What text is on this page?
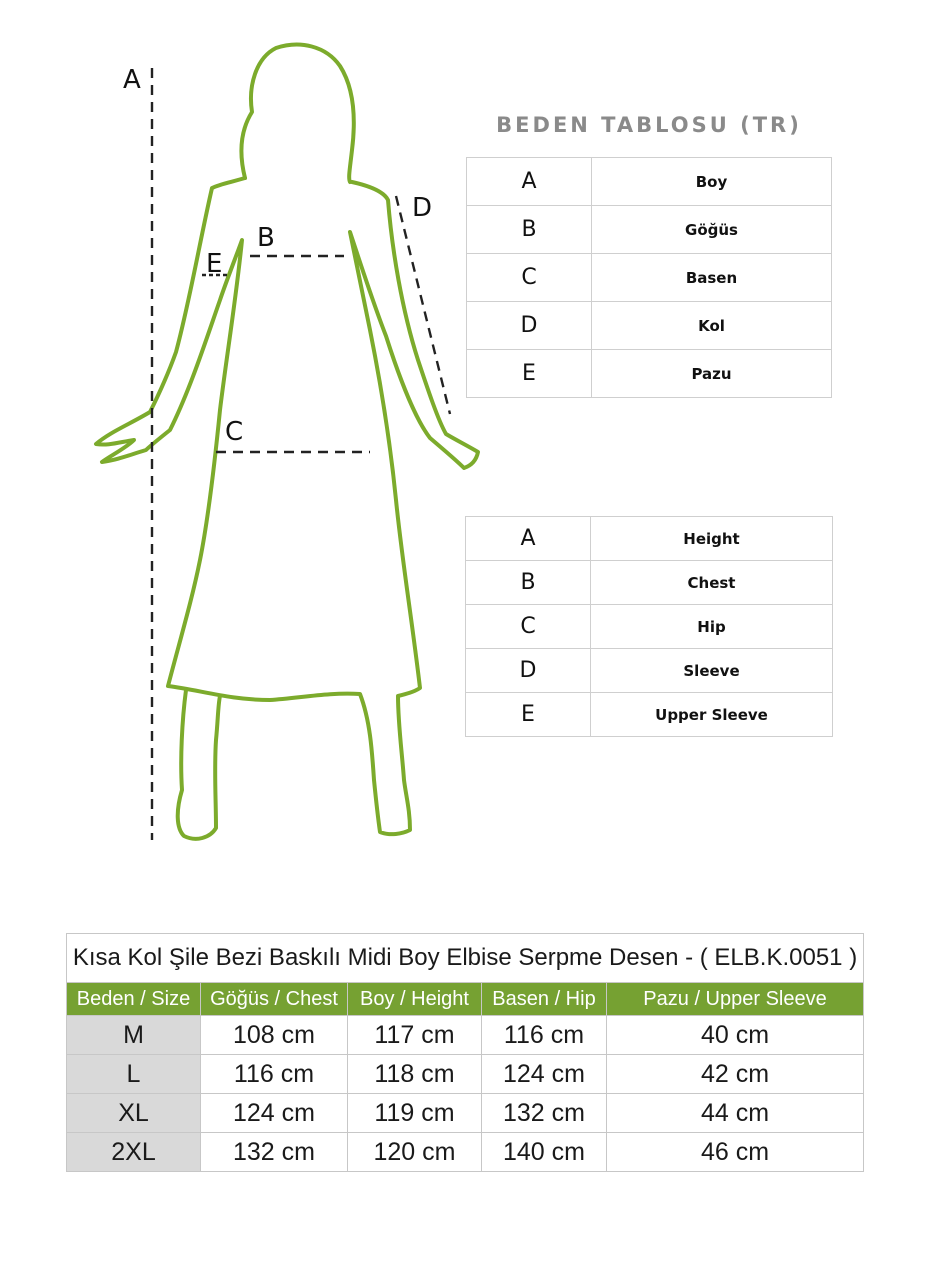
A
B
C
D
E
BEDEN TABLOSU (TR)
A	Boy
B	Göğüs
C	Basen
D	Kol
E	Pazu
A	Height
B	Chest
C	Hip
D	Sleeve
E	Upper Sleeve
Kısa Kol Şile Bezi Baskılı Midi Boy Elbise Serpme Desen - ( ELB.K.0051 )				
Beden / Size	Göğüs / Chest	Boy / Height	Basen / Hip	Pazu / Upper Sleeve
M	108 cm	117 cm	116 cm	40 cm
L	116 cm	118 cm	124 cm	42 cm
XL	124 cm	119 cm	132 cm	44 cm
2XL	132 cm	120 cm	140 cm	46 cm
